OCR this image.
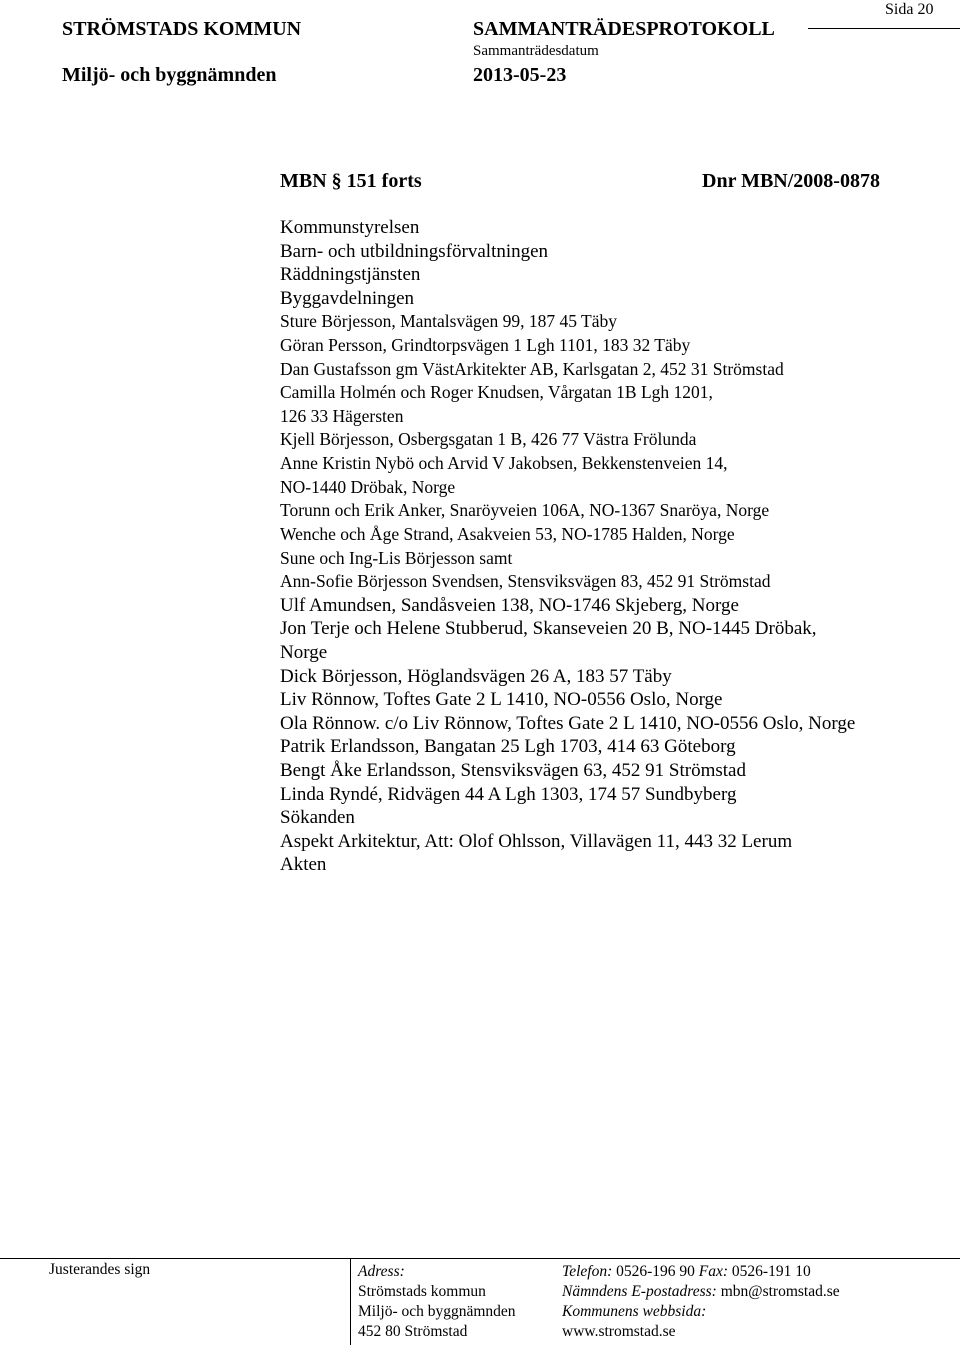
STRÖMSTADS KOMMUN
Miljö- och byggnämnden
SAMMANTRÄDESPROTOKOLL
Sammanträdesdatum
2013-05-23
Sida 20
MBN § 151 forts	Dnr MBN/2008-0878
Kommunstyrelsen
Barn- och utbildningsförvaltningen
Räddningstjänsten
Byggavdelningen
Sture Börjesson, Mantalsvägen 99, 187 45 Täby
Göran Persson, Grindtorpsvägen 1 Lgh 1101, 183 32 Täby
Dan Gustafsson gm VästArkitekter AB, Karlsgatan 2, 452 31 Strömstad
Camilla Holmén och Roger Knudsen, Vårgatan 1B Lgh 1201,
126 33 Hägersten
Kjell Börjesson, Osbergsgatan 1 B, 426 77 Västra Frölunda
Anne Kristin Nybö och Arvid V Jakobsen, Bekkenstenveien 14,
NO-1440 Dröbak, Norge
Torunn och Erik Anker, Snaröyveien 106A, NO-1367 Snaröya, Norge
Wenche och Åge Strand, Asakveien 53, NO-1785 Halden, Norge
Sune och Ing-Lis Börjesson samt
Ann-Sofie Börjesson Svendsen, Stensviksvägen 83, 452 91 Strömstad
Ulf Amundsen, Sandåsveien 138, NO-1746 Skjeberg, Norge
Jon Terje och Helene Stubberud, Skanseveien 20 B, NO-1445 Dröbak,
Norge
Dick Börjesson, Höglandsvägen 26 A, 183 57 Täby
Liv Rönnow, Toftes Gate 2 L 1410, NO-0556 Oslo, Norge
Ola Rönnow. c/o Liv Rönnow, Toftes Gate 2 L 1410, NO-0556 Oslo, Norge
Patrik Erlandsson, Bangatan 25 Lgh 1703, 414 63 Göteborg
Bengt Åke Erlandsson, Stensviksvägen 63, 452 91 Strömstad
Linda Ryndé, Ridvägen 44 A Lgh 1303, 174 57 Sundbyberg
Sökanden
Aspekt Arkitektur, Att: Olof Ohlsson, Villavägen 11, 443 32 Lerum
Akten
Justerandes sign	Adress:
Strömstads kommun
Miljö- och byggnämnden
452 80 Strömstad
Telefon: 0526-196 90 Fax: 0526-191 10
Nämndens E-postadress: mbn@stromstad.se
Kommunens webbsida:
www.stromstad.se
